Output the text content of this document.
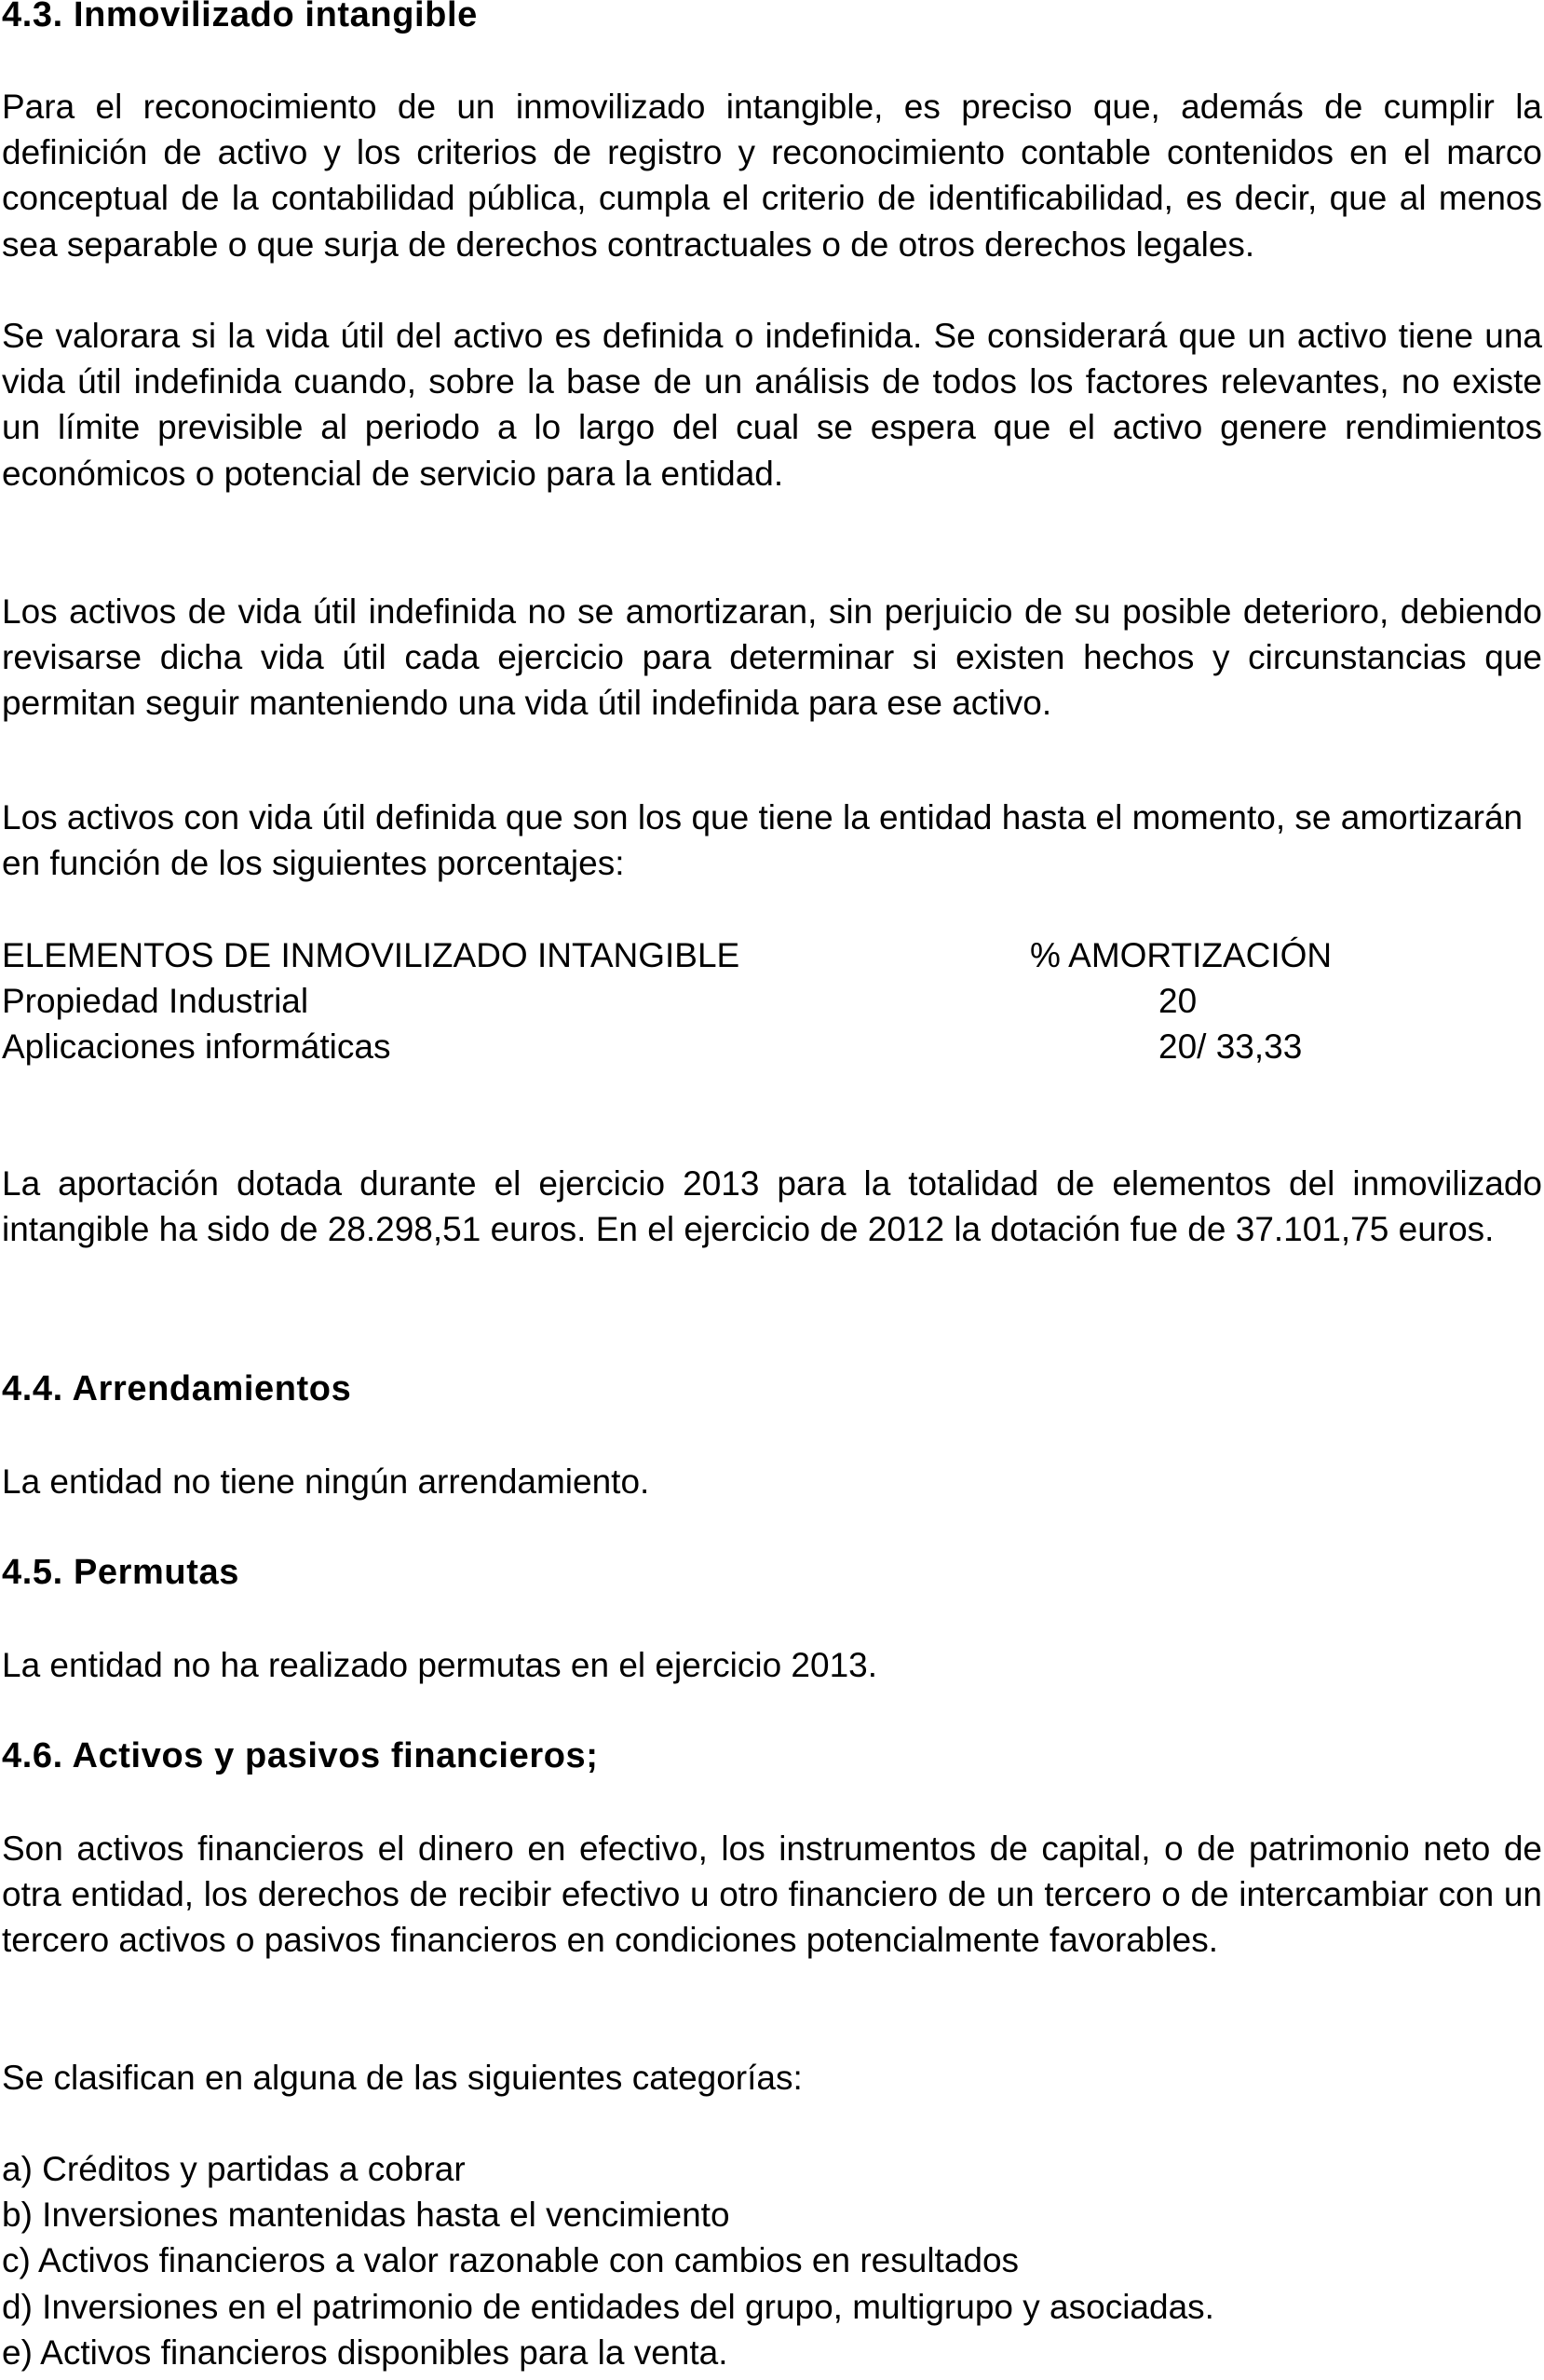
4.3. Inmovilizado intangible

Para el reconocimiento de un inmovilizado intangible, es preciso que, además de cumplir la definición de activo y los criterios de registro y reconocimiento contable contenidos en el marco conceptual de la contabilidad pública, cumpla el criterio de identificabilidad, es decir, que al menos sea separable o que surja de derechos contractuales o de otros derechos legales.

Se valorara si la vida útil del activo es definida o indefinida. Se considerará que un activo tiene una vida útil indefinida cuando, sobre la base de un análisis de todos los factores relevantes, no existe un límite previsible al periodo a lo largo del cual se espera que el activo genere rendimientos económicos o potencial de servicio para la entidad.

Los activos de vida útil indefinida no se amortizaran, sin perjuicio de su posible deterioro, debiendo revisarse dicha vida útil cada ejercicio para determinar si existen hechos y circunstancias que permitan seguir manteniendo una vida útil indefinida para ese activo.

Los activos con vida útil definida que son los que tiene la entidad hasta el momento, se amortizarán en función de los siguientes porcentajes:

ELEMENTOS DE INMOVILIZADO INTANGIBLE	% AMORTIZACIÓN
Propiedad Industrial	20
Aplicaciones informáticas	20/ 33,33

La aportación dotada durante el ejercicio 2013 para la totalidad de elementos del inmovilizado intangible ha sido de 28.298,51 euros. En el ejercicio de 2012 la dotación fue de 37.101,75 euros.

4.4. Arrendamientos

La entidad no tiene ningún arrendamiento.

4.5. Permutas

La entidad no ha realizado permutas en el ejercicio 2013.

4.6. Activos y pasivos financieros;

Son activos financieros el dinero en efectivo, los instrumentos de capital, o de patrimonio neto de otra entidad, los derechos de recibir efectivo u otro financiero de un tercero o de intercambiar con un tercero activos o pasivos financieros en condiciones potencialmente favorables.

Se clasifican en alguna de las siguientes categorías:

a) Créditos y partidas a cobrar
b) Inversiones mantenidas hasta el vencimiento
c) Activos financieros a valor razonable con cambios en resultados
d) Inversiones en el patrimonio de entidades del grupo, multigrupo y asociadas.
e) Activos financieros disponibles para la venta.
